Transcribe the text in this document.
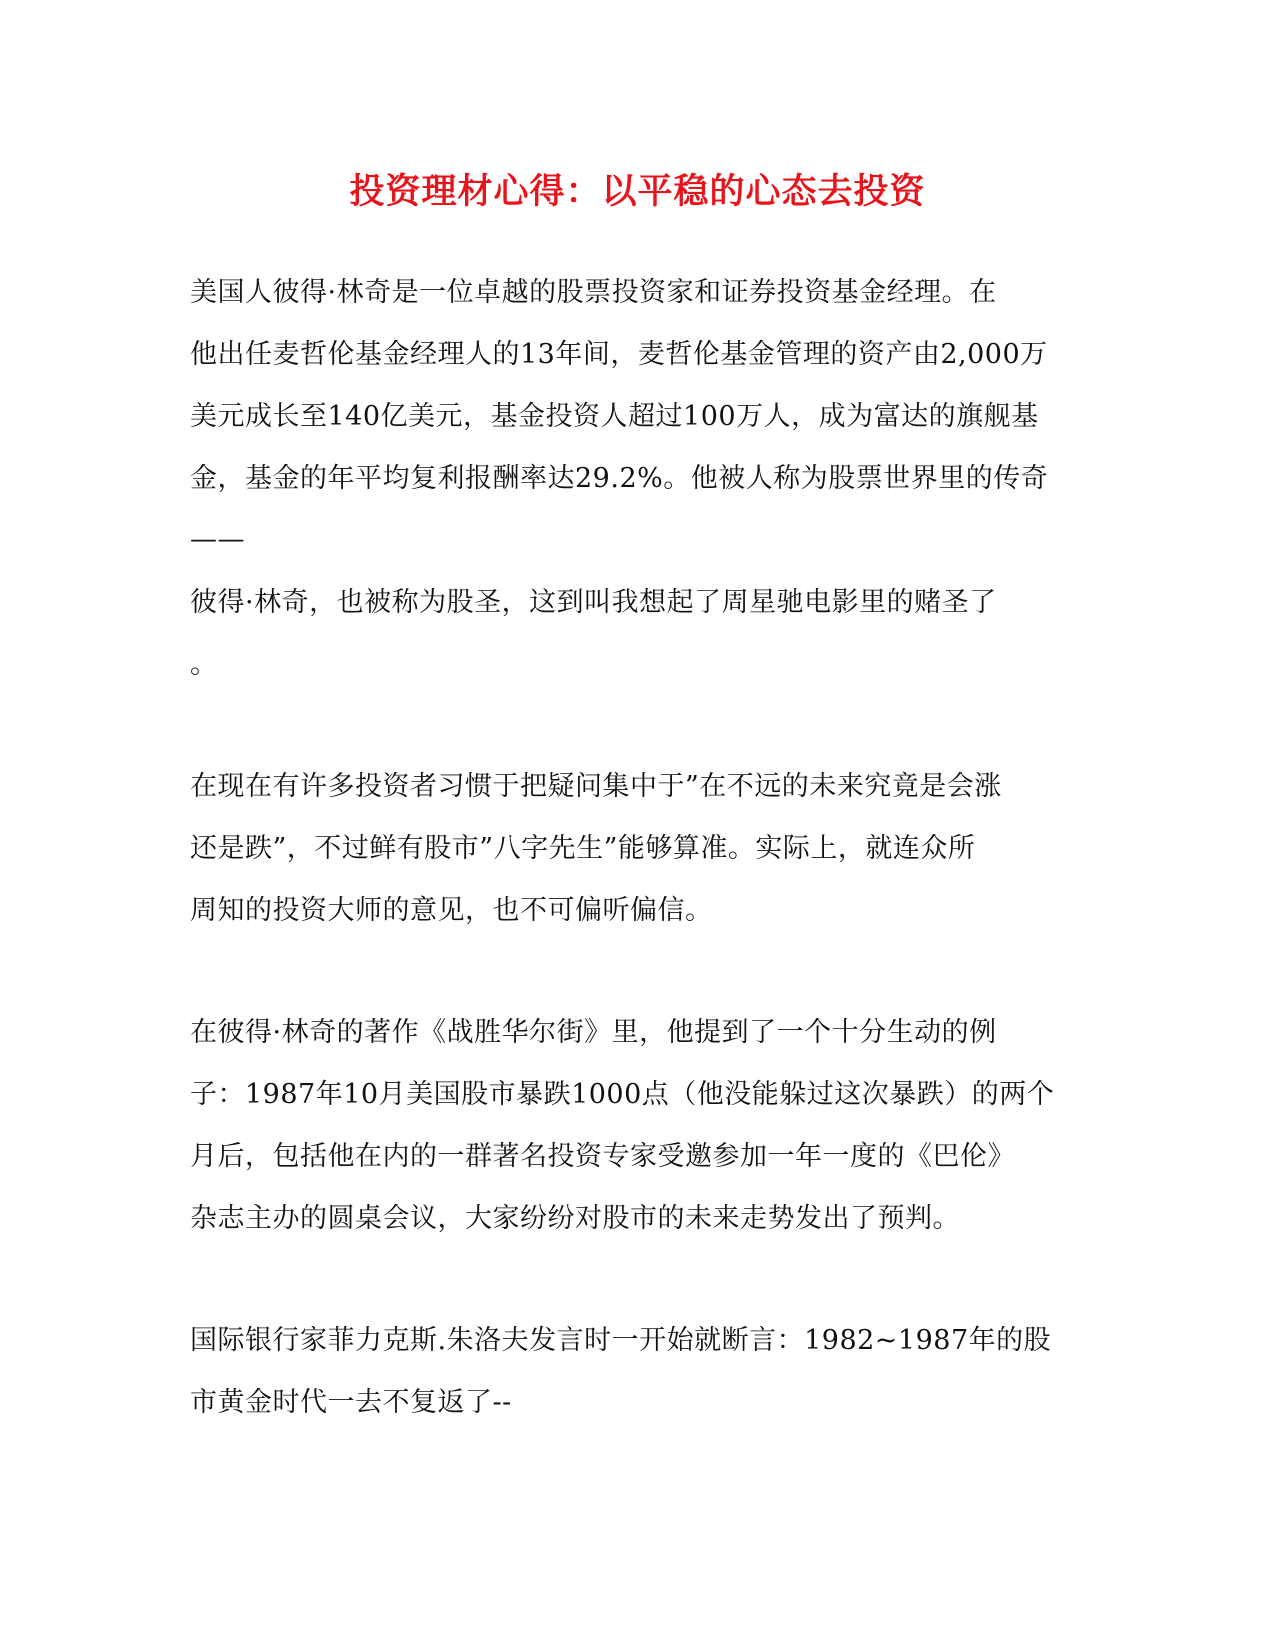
投资理材心得：以平稳的心态去投资
美国人彼得·林奇是一位卓越的股票投资家和证券投资基金经理。在
他出任麦哲伦基金经理人的13年间，麦哲伦基金管理的资产由2,000万
美元成长至140亿美元，基金投资人超过100万人，成为富达的旗舰基
金，基金的年平均复利报酬率达29.2%。他被人称为股票世界里的传奇
——
彼得·林奇，也被称为股圣，这到叫我想起了周星驰电影里的赌圣了
。
在现在有许多投资者习惯于把疑问集中于”在不远的未来究竟是会涨
还是跌”，不过鲜有股市”八字先生”能够算准。实际上，就连众所
周知的投资大师的意见，也不可偏听偏信。
在彼得·林奇的著作《战胜华尔街》里，他提到了一个十分生动的例
子：1987年10月美国股市暴跌1000点（他没能躲过这次暴跌）的两个
月后，包括他在内的一群著名投资专家受邀参加一年一度的《巴伦》
杂志主办的圆桌会议，大家纷纷对股市的未来走势发出了预判。
国际银行家菲力克斯.朱洛夫发言时一开始就断言：1982~1987年的股
市黄金时代一去不复返了--
